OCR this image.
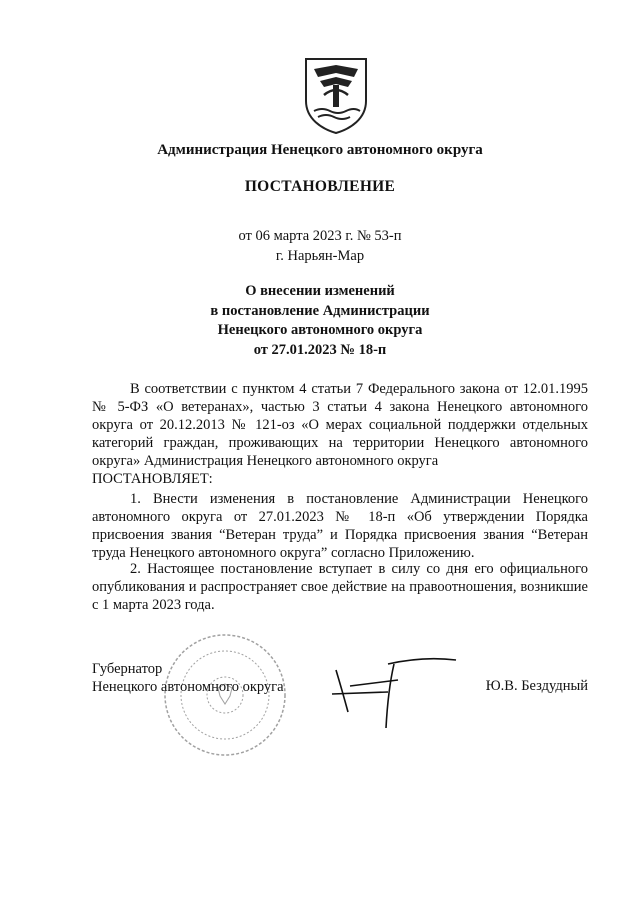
Администрация Ненецкого автономного округа
ПОСТАНОВЛЕНИЕ
от 06 марта 2023 г. № 53-п
г. Нарьян-Мар
О внесении изменений
в постановление Администрации
Ненецкого автономного округа
от 27.01.2023 № 18-п

В соответствии с пунктом 4 статьи 7 Федерального закона от 12.01.1995 № 5-ФЗ «О ветеранах», частью 3 статьи 4 закона Ненецкого автономного округа от 20.12.2013 № 121-оз «О мерах социальной поддержки отдельных категорий граждан, проживающих на территории Ненецкого автономного округа» Администрация Ненецкого автономного округа

ПОСТАНОВЛЯЕТ:

1. Внести изменения в постановление Администрации Ненецкого автономного округа от 27.01.2023 № 18-п «Об утверждении Порядка присвоения звания “Ветеран труда” и Порядка присвоения звания “Ветеран труда Ненецкого автономного округа” согласно Приложению.

2. Настоящее постановление вступает в силу со дня его официального опубликования и распространяет свое действие на правоотношения, возникшие с 1 марта 2023 года.

Губернатор
Ненецкого автономного округа	Ю.В. Бездудный
